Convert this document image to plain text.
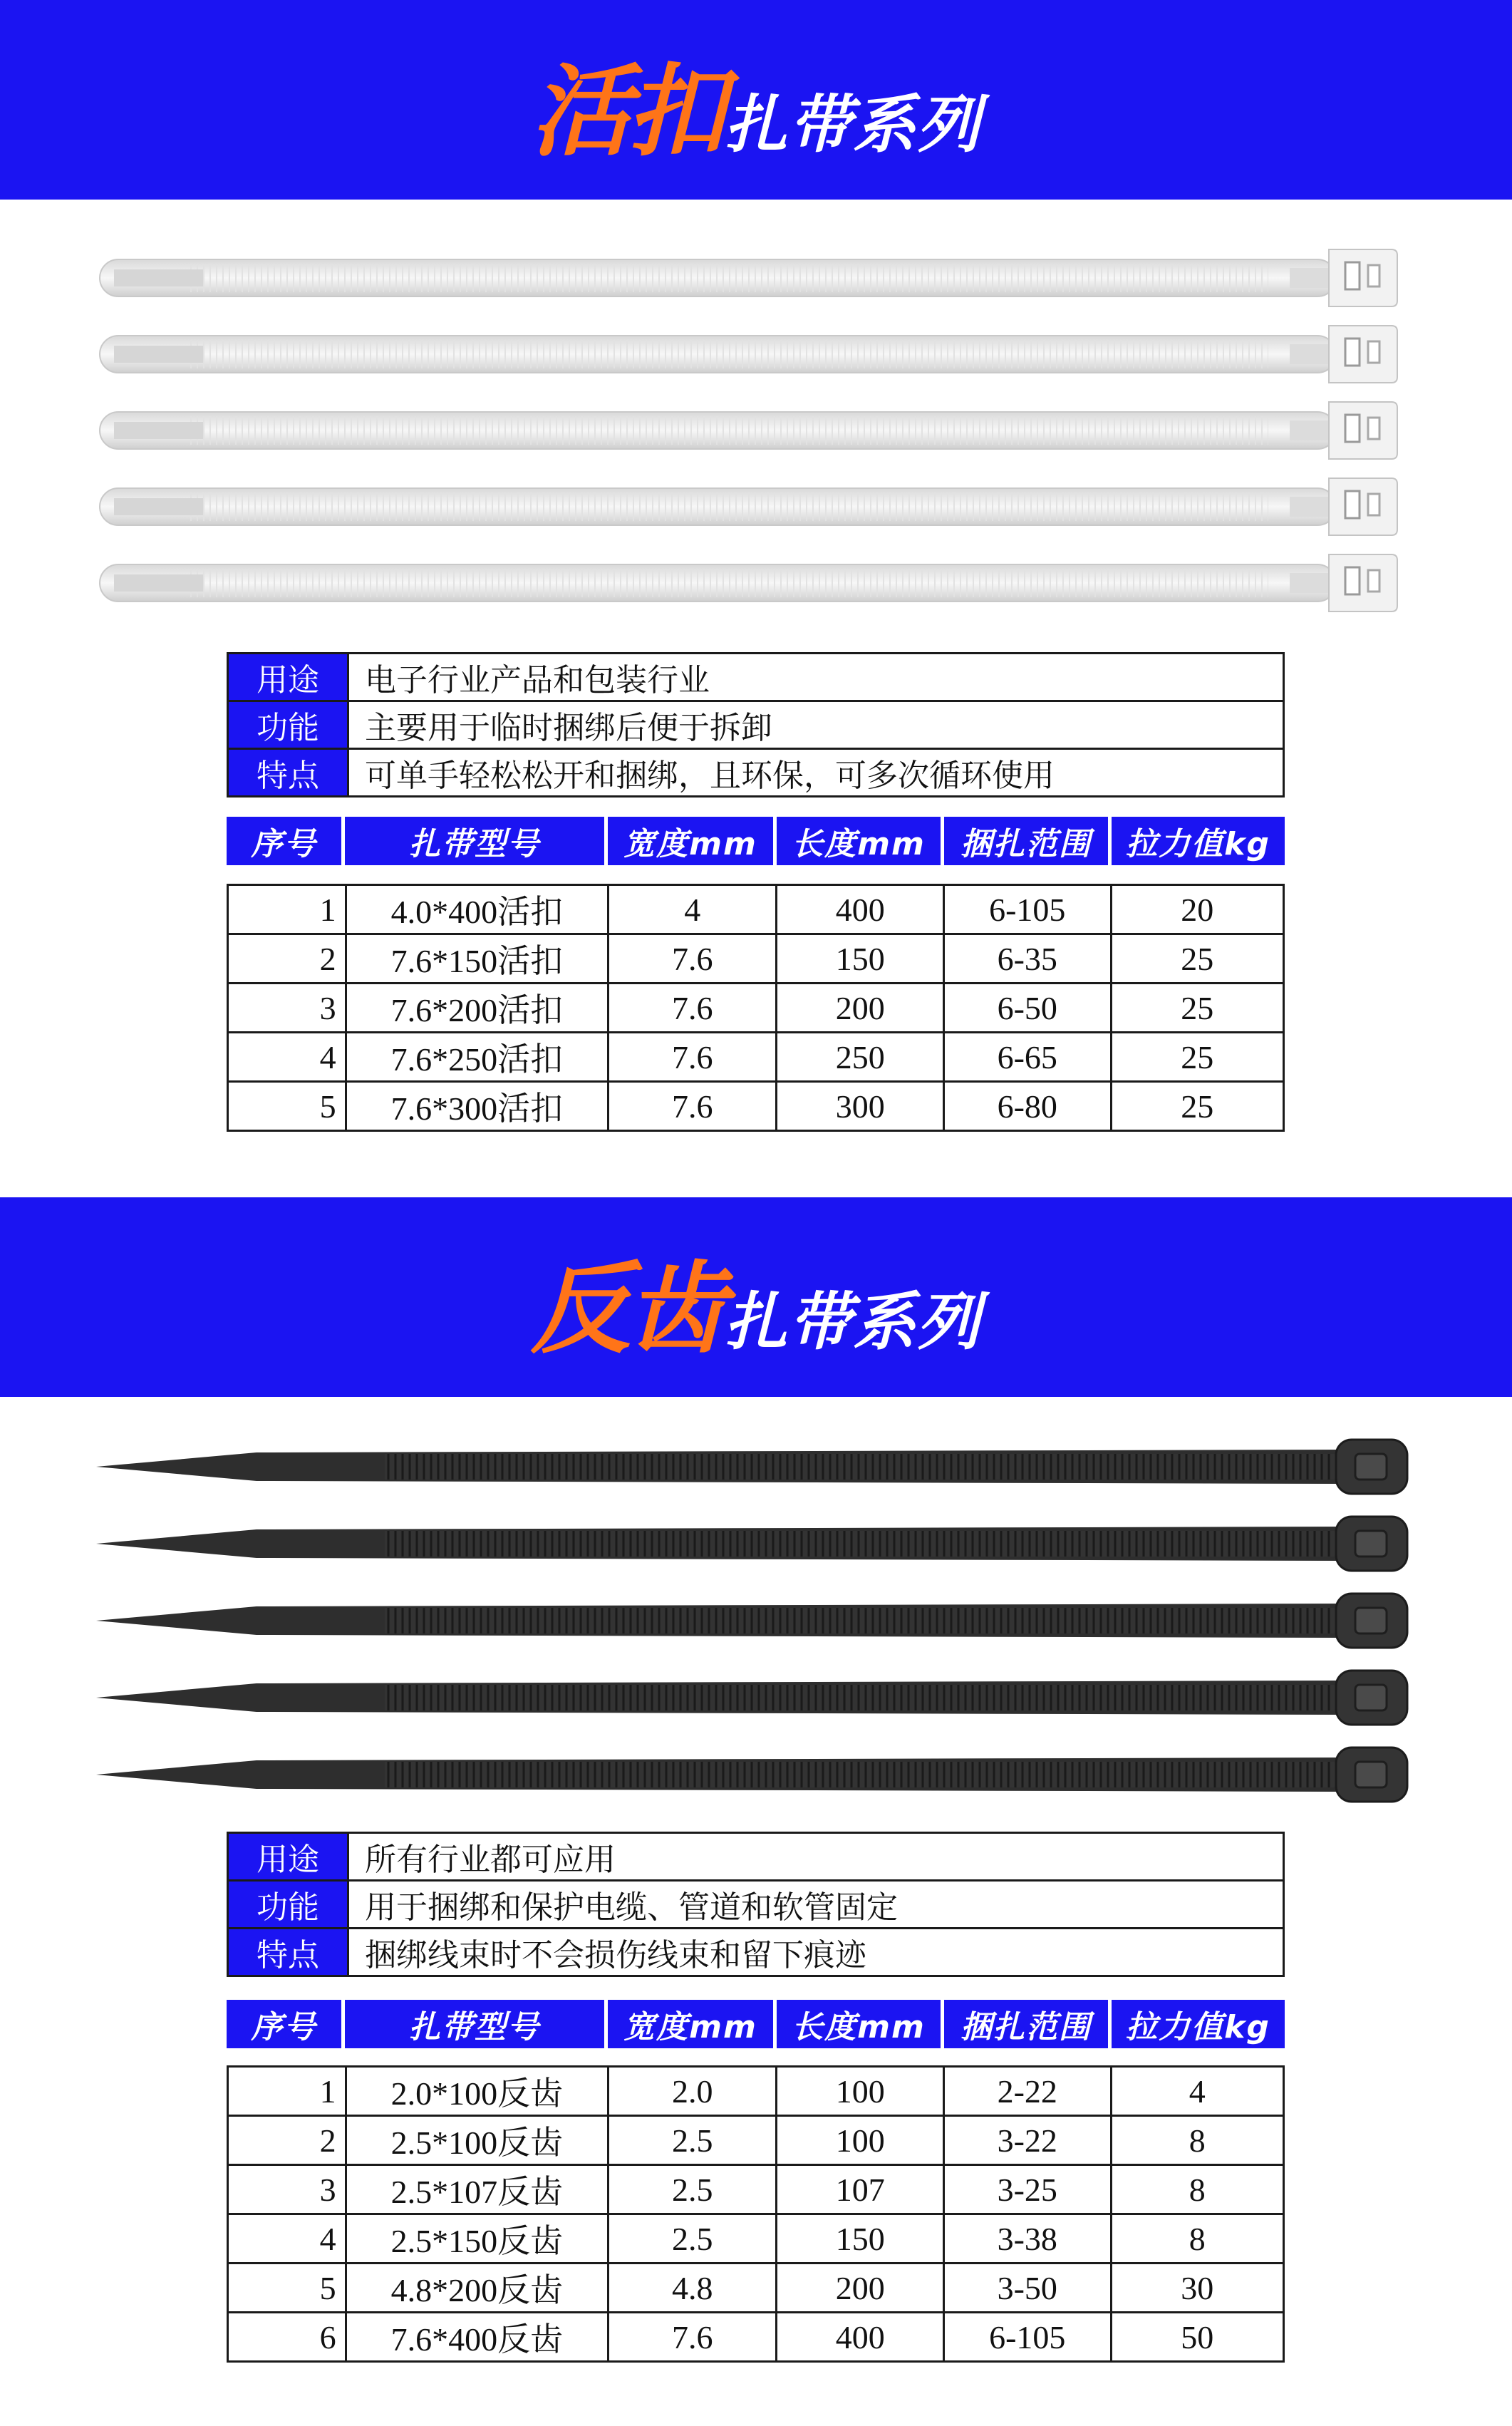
活扣扎带系列
用途	电子行业产品和包装行业
功能	主要用于临时捆绑后便于拆卸
特点	可单手轻松松开和捆绑，且环保，可多次循环使用
序号	扎带型号	宽度mm	长度mm	捆扎范围	拉力值kg
1	4.0*400活扣	4	400	6-105	20
2	7.6*150活扣	7.6	150	6-35	25
3	7.6*200活扣	7.6	200	6-50	25
4	7.6*250活扣	7.6	250	6-65	25
5	7.6*300活扣	7.6	300	6-80	25
反齿扎带系列
用途	所有行业都可应用
功能	用于捆绑和保护电缆、管道和软管固定
特点	捆绑线束时不会损伤线束和留下痕迹
序号	扎带型号	宽度mm	长度mm	捆扎范围	拉力值kg
1	2.0*100反齿	2.0	100	2-22	4
2	2.5*100反齿	2.5	100	3-22	8
3	2.5*107反齿	2.5	107	3-25	8
4	2.5*150反齿	2.5	150	3-38	8
5	4.8*200反齿	4.8	200	3-50	30
6	7.6*400反齿	7.6	400	6-105	50
